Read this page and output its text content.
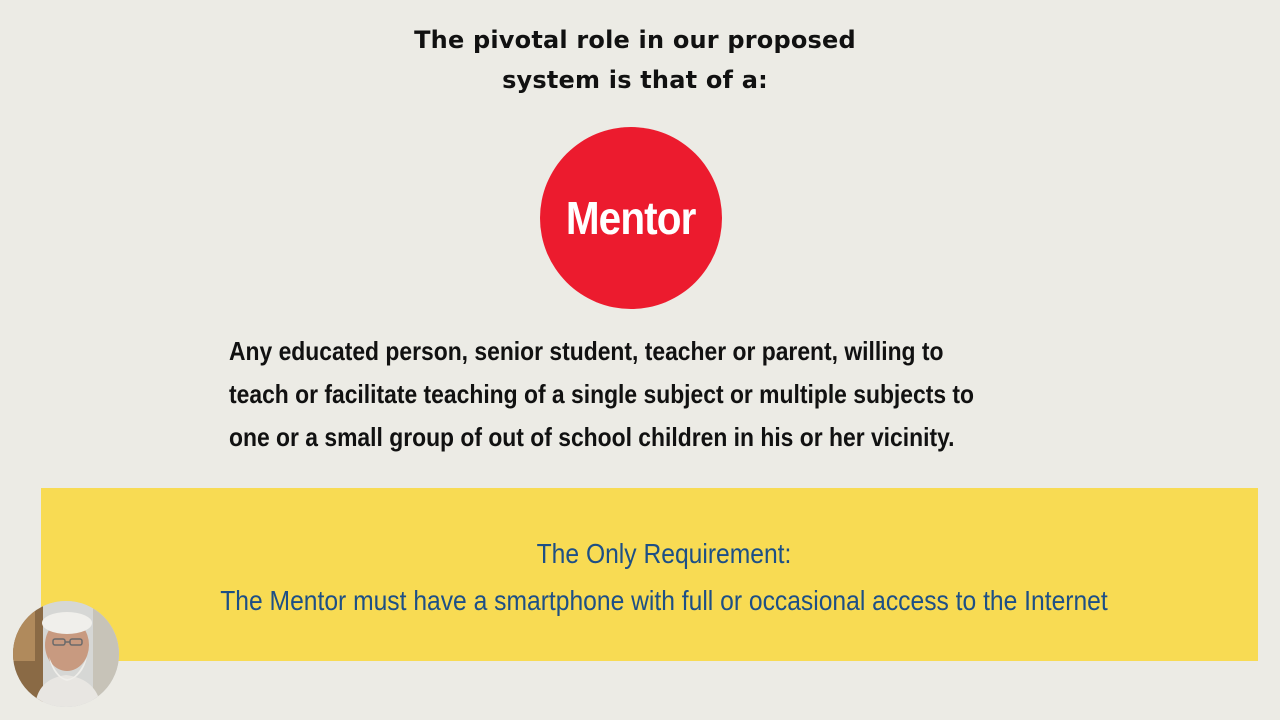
The pivotal role in our proposed
system is that of a:
Mentor
Any educated person, senior student, teacher or parent, willing to
teach or facilitate teaching of a single subject or multiple subjects to
one or a small group of out of school children in his or her vicinity.
The Only Requirement:
The Mentor must have a smartphone with full or occasional access to the Internet
